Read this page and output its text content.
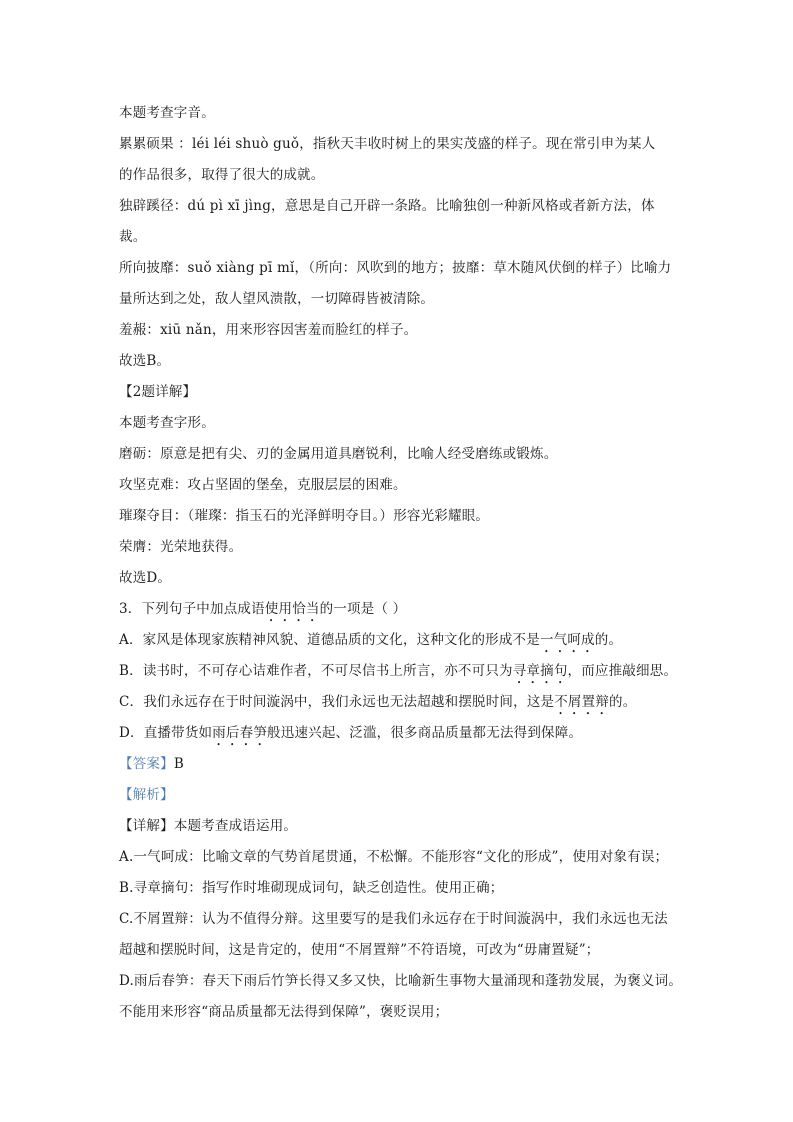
本题考查字音。
累累硕果 ：léi léi shuò guǒ，指秋天丰收时树上的果实茂盛的样子。现在常引申为某人
的作品很多，取得了很大的成就。
独辟蹊径：dú pì xī jìng，意思是自己开辟一条路。比喻独创一种新风格或者新方法，体
裁。
所向披靡：suǒ xiàng pī mǐ，（所向：风吹到的地方；披靡：草木随风伏倒的样子）比喻力
量所达到之处，敌人望风溃散，一切障碍皆被清除。
羞赧：xiū nǎn，用来形容因害羞而脸红的样子。
故选B。
【2题详解】
本题考查字形。
磨砺：原意是把有尖、刃的金属用道具磨锐利，比喻人经受磨练或锻炼。
攻坚克难：攻占坚固的堡垒，克服层层的困难。
璀璨夺目：（璀璨：指玉石的光泽鲜明夺目。）形容光彩耀眼。
荣膺：光荣地获得。
故选D。
3．下列句子中加点成语使用恰当的一项是（ ）
A．家风是体现家族精神风貌、道德品质的文化，这种文化的形成不是一气呵成的。
B．读书时，不可存心诘难作者，不可尽信书上所言，亦不可只为寻章摘句，而应推敲细思。
C．我们永远存在于时间漩涡中，我们永远也无法超越和摆脱时间，这是不屑置辩的。
D．直播带货如雨后春笋般迅速兴起、泛滥，很多商品质量都无法得到保障。
【答案】B
【解析】
【详解】本题考查成语运用。
A.一气呵成：比喻文章的气势首尾贯通，不松懈。不能形容“文化的形成”，使用对象有误；
B.寻章摘句：指写作时堆砌现成词句，缺乏创造性。使用正确；
C.不屑置辩：认为不值得分辩。这里要写的是我们永远存在于时间漩涡中，我们永远也无法
超越和摆脱时间，这是肯定的，使用“不屑置辩”不符语境，可改为“毋庸置疑”；
D.雨后春笋：春天下雨后竹笋长得又多又快，比喻新生事物大量涌现和蓬勃发展，为褒义词。
不能用来形容“商品质量都无法得到保障”，褒贬误用；
